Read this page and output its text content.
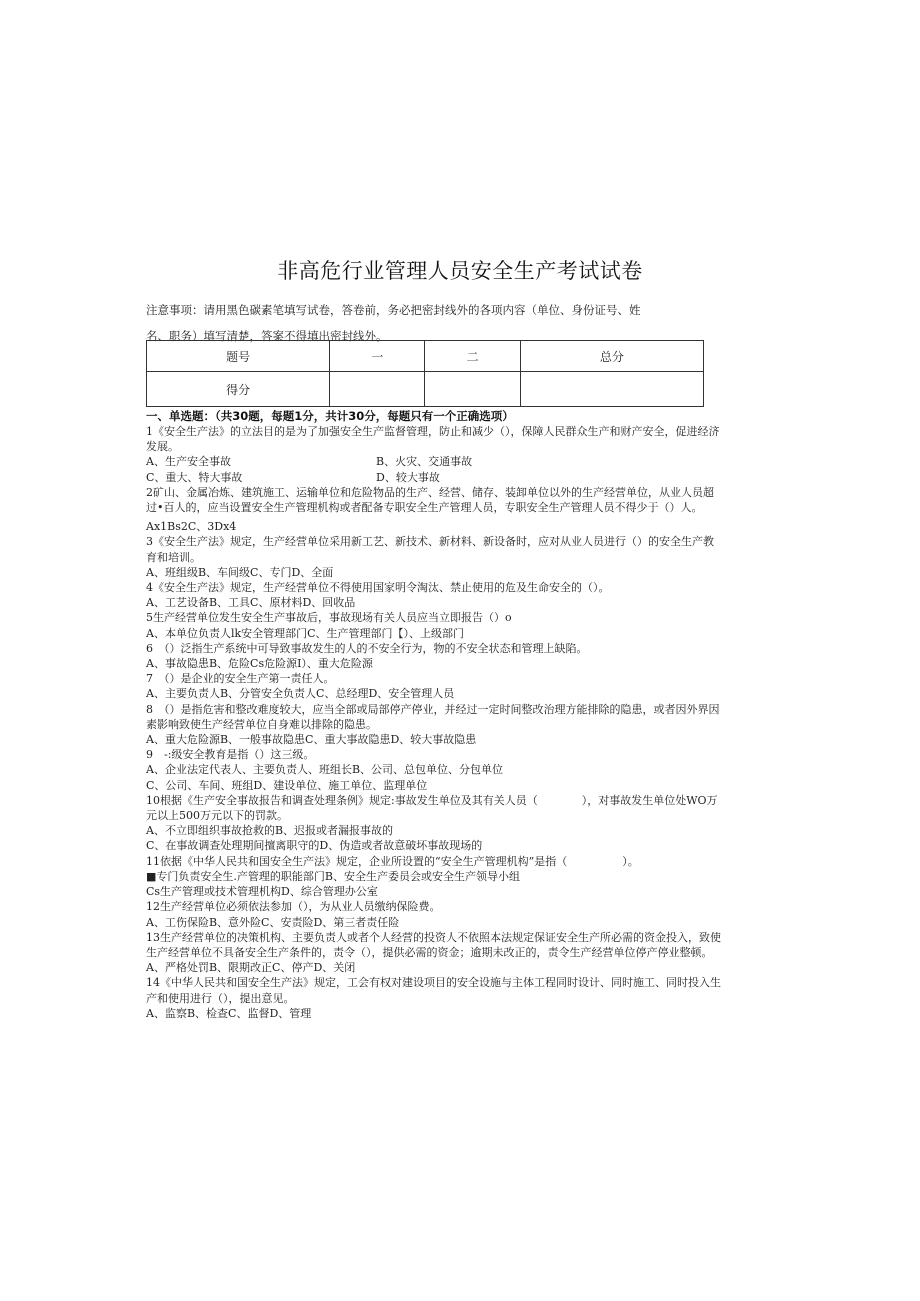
非高危行业管理人员安全生产考试试卷
注意事项：请用黑色碳素笔填写试卷，答卷前，务必把密封线外的各项内容（单位、身份证号、姓
名、职务）填写清楚，答案不得填出密封线外。
题号	一	二	总分
得分			
一、单选题：（共30题，每题1分，共计30分，每题只有一个正确选项）
1《安全生产法》的立法目的是为了加强安全生产监督管理，防止和减少（），保障人民群众生产和财产安全，促进经济发展。
A、生产安全事故	B、火灾、交通事故
C、重大、特大事故	D、较大事故
2矿山、金属冶炼、建筑施工、运输单位和危险物品的生产、经营、储存、装卸单位以外的生产经营单位，从业人员超过•百人的，应当设置安全生产管理机构或者配备专职安全生产管理人员，专职安全生产管理人员不得少于（）人。
Ax1Bs2C、3Dx4
3《安全生产法》规定，生产经营单位采用新工艺、新技术、新材料、新设备时，应对从业人员进行（）的安全生产教育和培训。
A、班组级B、车间级C、专门D、全面
4《安全生产法》规定，生产经营单位不得使用国家明令淘汰、禁止使用的危及生命安全的（）。
A、工艺设备B、工具C、原材料D、回收品
5生产经营单位发生安全生产事故后，事故现场有关人员应当立即报告（）o
A、本单位负责人lk安全管理部门C、生产管理部门【）、上级部门
6　（）泛指生产系统中可导致事故发生的人的不安全行为，物的不安全状态和管理上缺陷。
A、事故隐患B、危险Cs危险源I）、重大危险源
7　（）是企业的安全生产第一责任人。
A、主要负责人B、分管安全负责人C、总经理D、安全管理人员
8　（）是指危害和整改难度较大，应当全部或局部停产停业，并经过一定时间整改治理方能排除的隐患，或者因外界因素影响致使生产经营单位自身难以排除的隐患。
A、重大危险源B、一般事故隐患C、重大事故隐患D、较大事故隐患
9　-:级安全教育是指（）这三级。
A、企业法定代表人、主要负责人、班组长B、公司、总包单位、分包单位
C、公司、车间、班组D、建设单位、施工单位、监理单位
10根据《生产安全事故报告和调查处理条例》规定:事故发生单位及其有关人员（　　　　），对事故发生单位处WO万元以上500万元以下的罚款。
A、不立即组织事故抢救的B、迟报或者漏报事故的
C、在事故调查处理期间擅离职守的D、伪造或者故意破坏事故现场的
11依据《中华人民共和国安全生产法》规定，企业所设置的“安全生产管理机构”是指（　　　　　）。
■专门负责安全生.产管理的职能部门B、安全生产委员会或安全生产领导小组
Cs生产管理或技术管理机构D、综合管理办公室
12生产经营单位必须依法参加（），为从业人员缴纳保险费。
A、工伤保险B、意外险C、安责险D、第三者责任险
13生产经营单位的决策机构、主要负责人或者个人经营的投资人不依照本法规定保证安全生产所必需的资金投入，致使生产经营单位不具备安全生产条件的，责令（），提供必需的资金；逾期未改正的，责令生产经营单位停产停业整顿。
A、严格处罚B、限期改正C、停产D、关闭
14《中华人民共和国安全生产法》规定，工会有权对建设项目的安全设施与主体工程同时设计、同时施工、同时投入生产和使用进行（），提出意见。
A、监察B、检查C、监督D、管理
